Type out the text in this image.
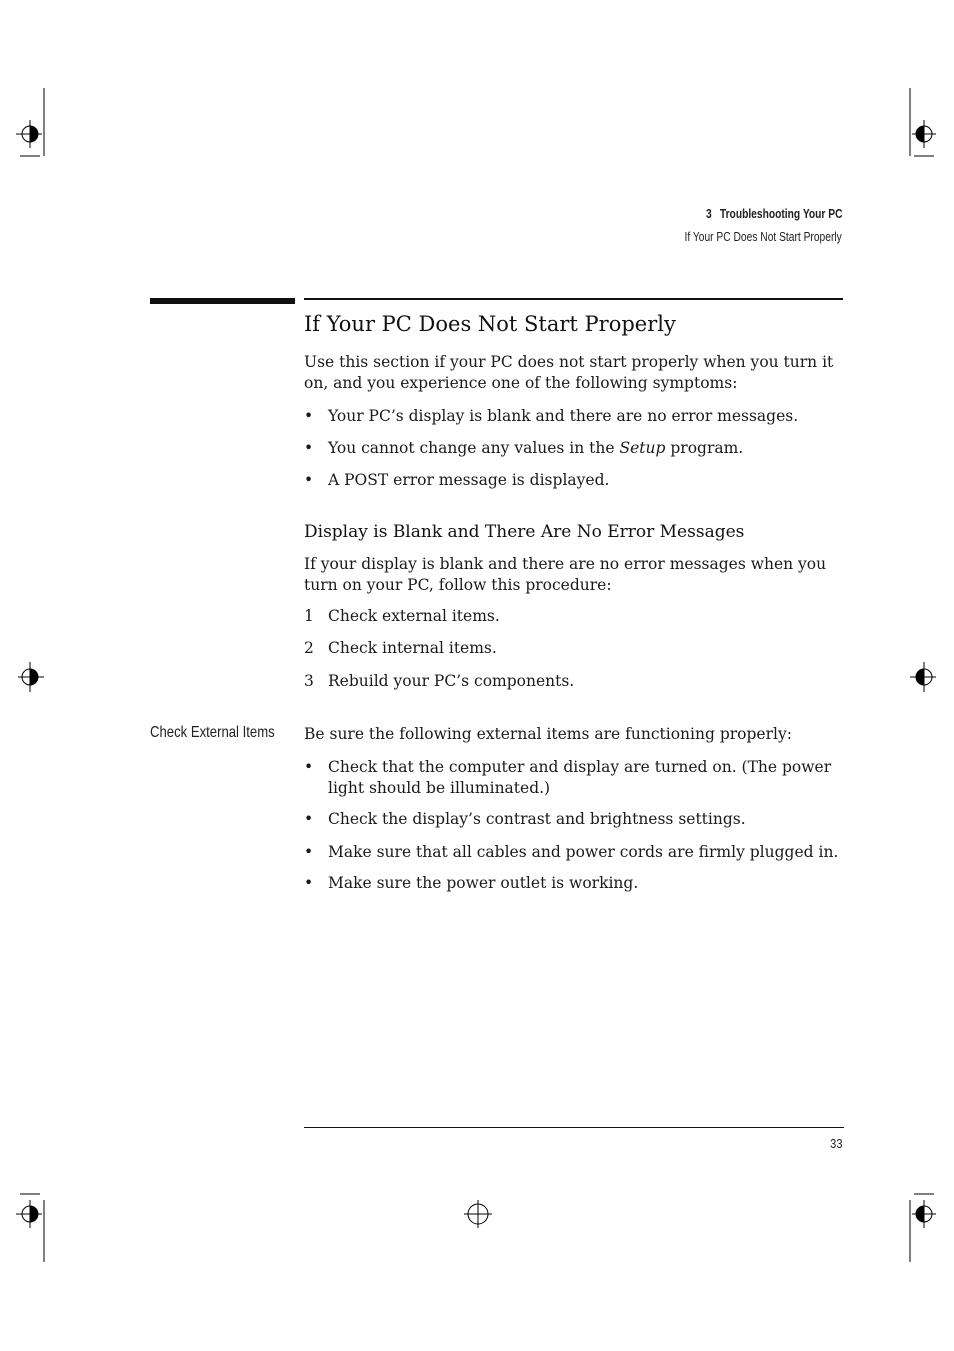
3 Troubleshooting Your PC
If Your PC Does Not Start Properly
If Your PC Does Not Start Properly

Use this section if your PC does not start properly when you turn it on, and you experience one of the following symptoms:

• Your PC’s display is blank and there are no error messages.
• You cannot change any values in the Setup program.
• A POST error message is displayed.
Display is Blank and There Are No Error Messages

If your display is blank and there are no error messages when you turn on your PC, follow this procedure:

1 Check external items.
2 Check internal items.
3 Rebuild your PC’s components.
Check External Items Be sure the following external items are functioning properly:

• Check that the computer and display are turned on. (The power light should be illuminated.)
• Check the display’s contrast and brightness settings.
• Make sure that all cables and power cords are firmly plugged in.
• Make sure the power outlet is working.
33
